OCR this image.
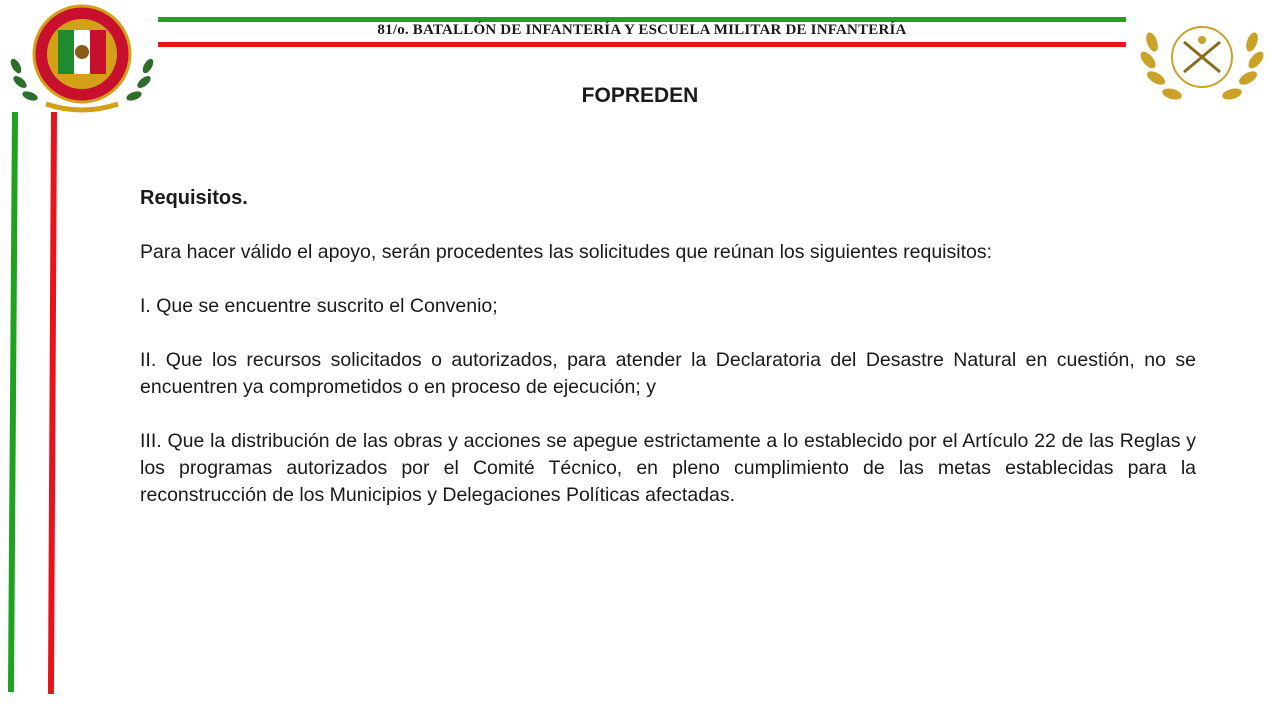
81/o. BATALLÓN DE INFANTERÍA Y ESCUELA MILITAR DE INFANTERÍA
FOPREDEN

Requisitos.

Para hacer válido el apoyo, serán procedentes las solicitudes que reúnan los siguientes requisitos:

I. Que se encuentre suscrito el Convenio;

II. Que los recursos solicitados o autorizados, para atender la Declaratoria del Desastre Natural en cuestión, no se encuentren ya comprometidos o en proceso de ejecución; y

III. Que la distribución de las obras y acciones se apegue estrictamente a lo establecido por el Artículo 22 de las Reglas y los programas autorizados por el Comité Técnico, en pleno cumplimiento de las metas establecidas para la reconstrucción de los Municipios y Delegaciones Políticas afectadas.
